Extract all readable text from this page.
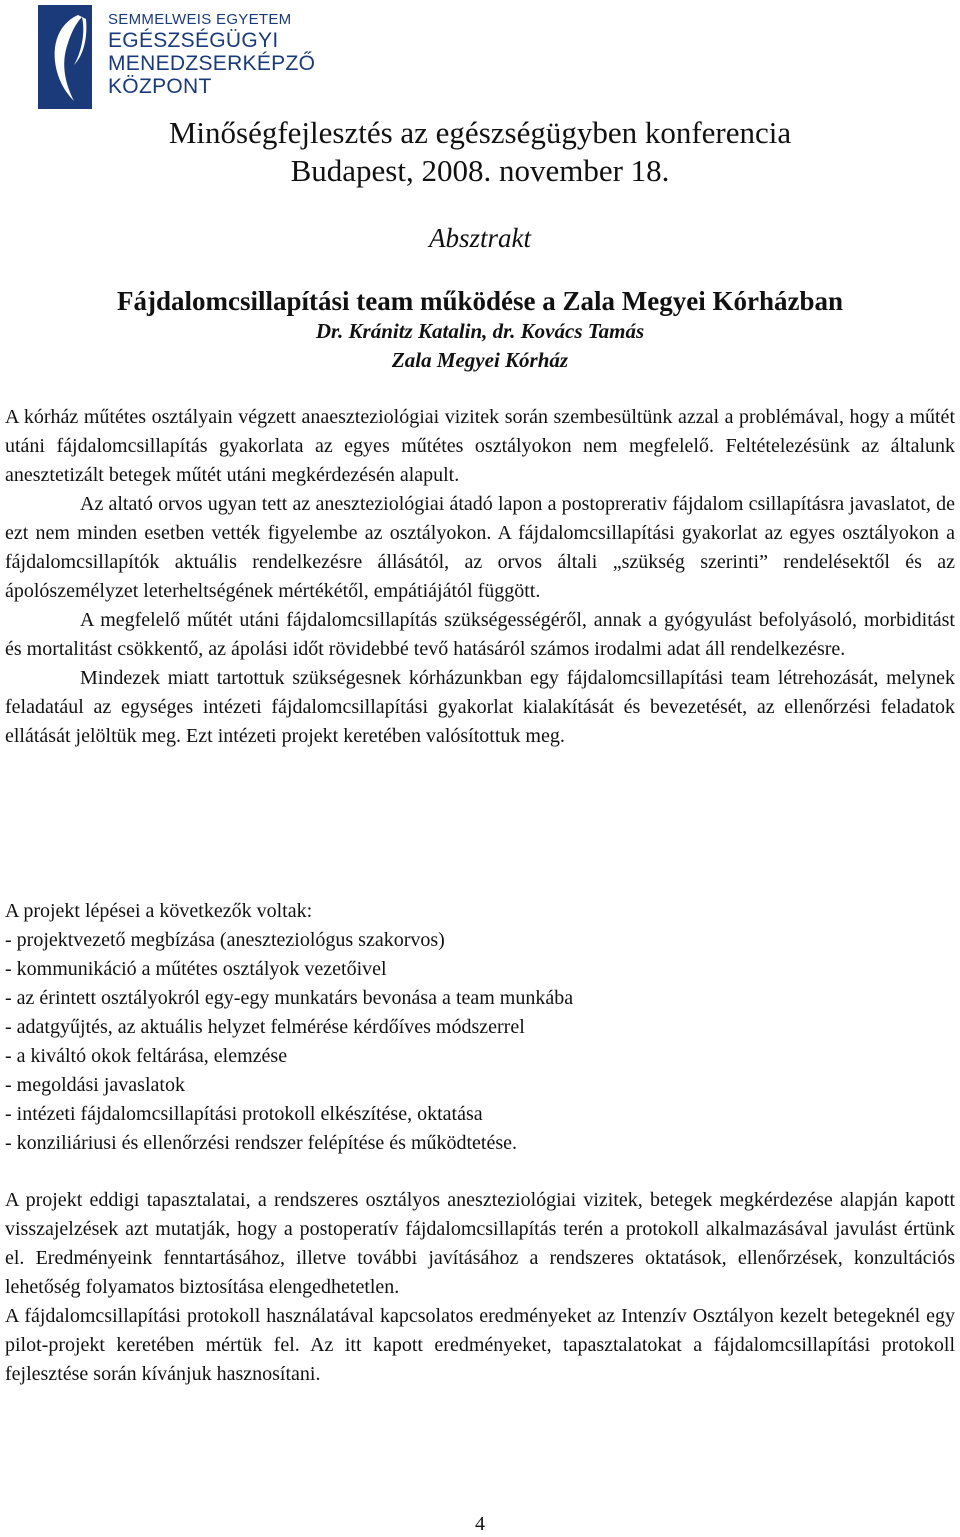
SEMMELWEIS EGYETEM
EGÉSZSÉGÜGYI
MENEDZSERKÉPZŐ
KÖZPONT
Minőségfejlesztés az egészségügyben konferencia
Budapest, 2008. november 18.
Absztrakt
Fájdalomcsillapítási team működése a Zala Megyei Kórházban
Dr. Kránitz Katalin, dr. Kovács Tamás
Zala Megyei Kórház

A kórház műtétes osztályain végzett anaeszteziológiai vizitek során szembesültünk azzal a problémával, hogy a műtét utáni fájdalomcsillapítás gyakorlata az egyes műtétes osztályokon nem megfelelő. Feltételezésünk az általunk anesztetizált betegek műtét utáni megkérdezésén alapult.

Az altató orvos ugyan tett az aneszteziológiai átadó lapon a postoprerativ fájdalom csillapításra javaslatot, de ezt nem minden esetben vették figyelembe az osztályokon. A fájdalomcsillapítási gyakorlat az egyes osztályokon a fájdalomcsillapítók aktuális rendelkezésre állásától, az orvos általi „szükség szerinti” rendelésektől és az ápolószemélyzet leterheltségének mértékétől, empátiájától függött.

A megfelelő műtét utáni fájdalomcsillapítás szükségességéről, annak a gyógyulást befolyásoló, morbiditást és mortalitást csökkentő, az ápolási időt rövidebbé tevő hatásáról számos irodalmi adat áll rendelkezésre.

Mindezek miatt tartottuk szükségesnek kórházunkban egy fájdalomcsillapítási team létrehozását, melynek feladatául az egységes intézeti fájdalomcsillapítási gyakorlat kialakítását és bevezetését, az ellenőrzési feladatok ellátását jelöltük meg. Ezt intézeti projekt keretében valósítottuk meg.

A projekt lépései a következők voltak:
- projektvezető megbízása (aneszteziológus szakorvos)
- kommunikáció a műtétes osztályok vezetőivel
- az érintett osztályokról egy-egy munkatárs bevonása a team munkába
- adatgyűjtés, az aktuális helyzet felmérése kérdőíves módszerrel
- a kiváltó okok feltárása, elemzése
- megoldási javaslatok
- intézeti fájdalomcsillapítási protokoll elkészítése, oktatása
- konziliáriusi és ellenőrzési rendszer felépítése és működtetése.

A projekt eddigi tapasztalatai, a rendszeres osztályos aneszteziológiai vizitek, betegek megkérdezése alapján kapott visszajelzések azt mutatják, hogy a postoperatív fájdalomcsillapítás terén a protokoll alkalmazásával javulást értünk el. Eredményeink fenntartásához, illetve további javításához a rendszeres oktatások, ellenőrzések, konzultációs lehetőség folyamatos biztosítása elengedhetetlen.

A fájdalomcsillapítási protokoll használatával kapcsolatos eredményeket az Intenzív Osztályon kezelt betegeknél egy pilot-projekt keretében mértük fel. Az itt kapott eredményeket, tapasztalatokat a fájdalomcsillapítási protokoll fejlesztése során kívánjuk hasznosítani.

4
